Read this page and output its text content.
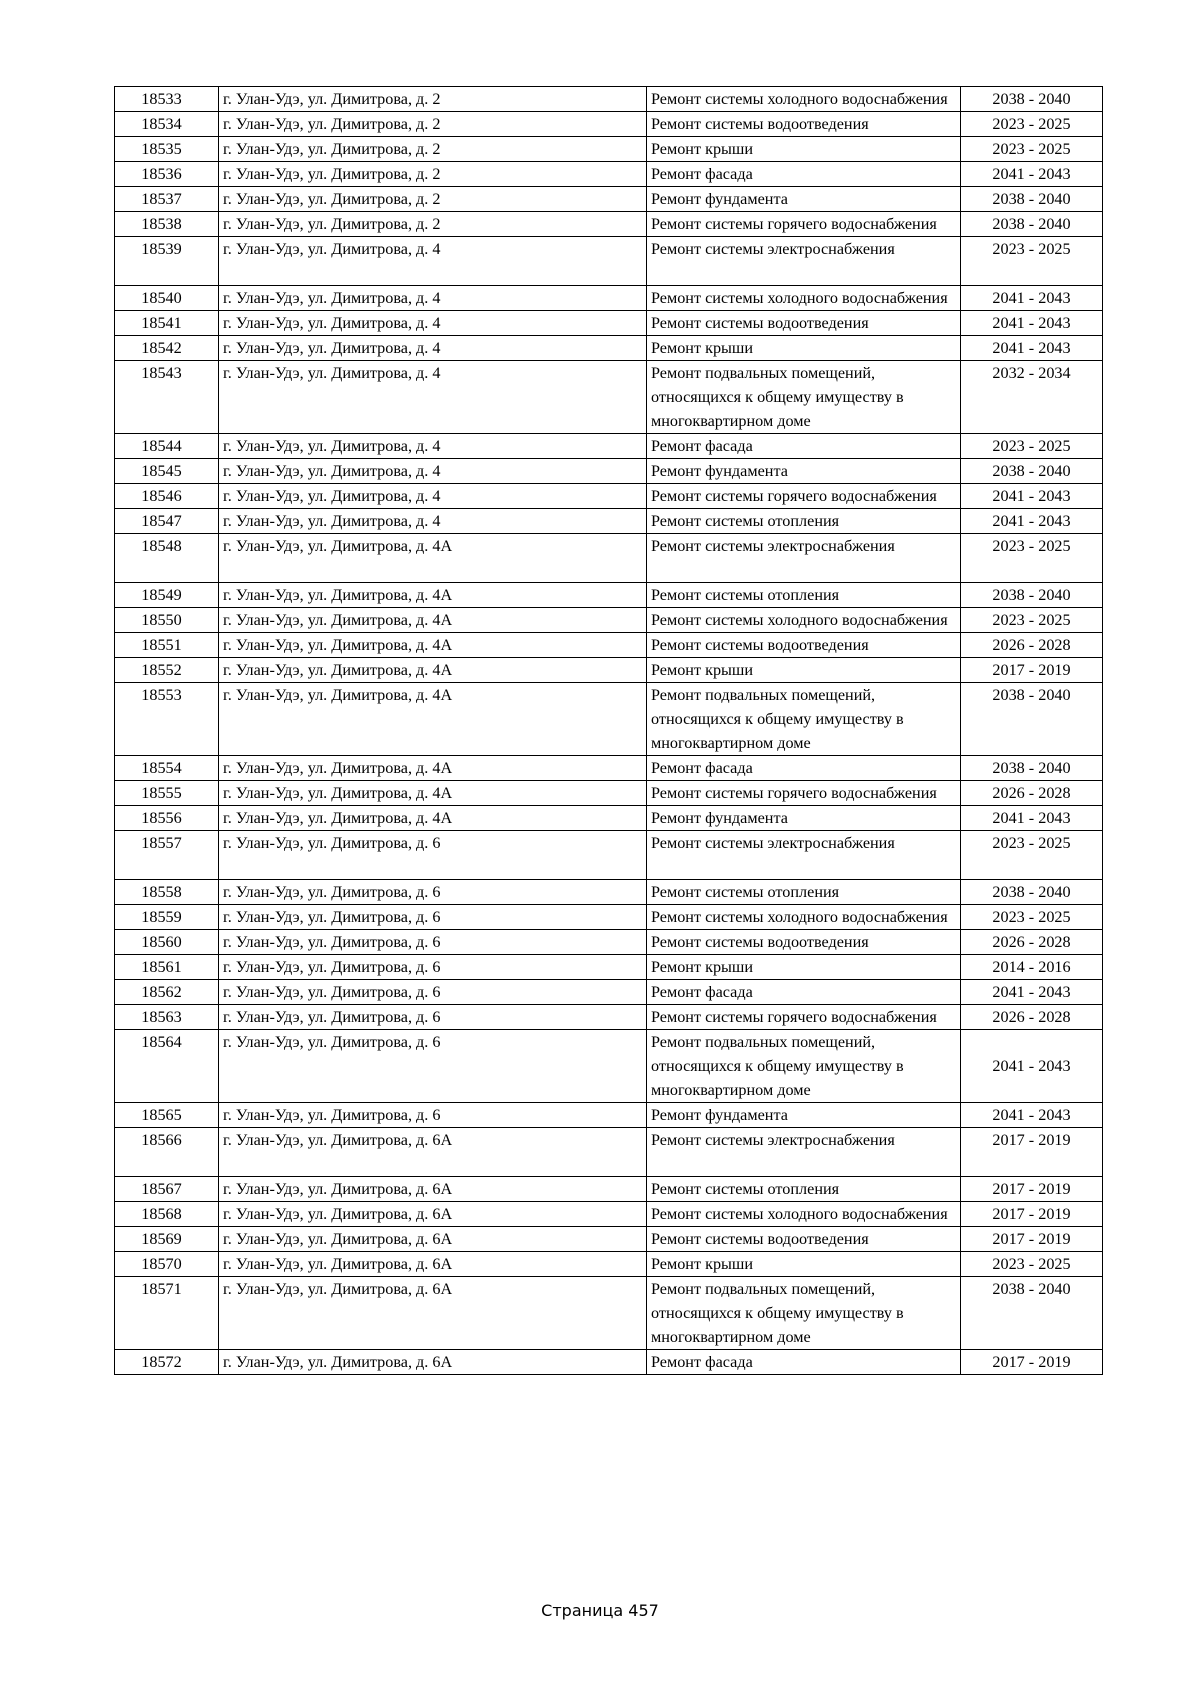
18533	г. Улан-Удэ, ул. Димитрова, д. 2	Ремонт системы холодного водоснабжения	2038 - 2040
18534	г. Улан-Удэ, ул. Димитрова, д. 2	Ремонт системы водоотведения	2023 - 2025
18535	г. Улан-Удэ, ул. Димитрова, д. 2	Ремонт крыши	2023 - 2025
18536	г. Улан-Удэ, ул. Димитрова, д. 2	Ремонт фасада	2041 - 2043
18537	г. Улан-Удэ, ул. Димитрова, д. 2	Ремонт фундамента	2038 - 2040
18538	г. Улан-Удэ, ул. Димитрова, д. 2	Ремонт системы горячего водоснабжения	2038 - 2040
18539	г. Улан-Удэ, ул. Димитрова, д. 4	Ремонт системы электроснабжения	2023 - 2025
18540	г. Улан-Удэ, ул. Димитрова, д. 4	Ремонт системы холодного водоснабжения	2041 - 2043
18541	г. Улан-Удэ, ул. Димитрова, д. 4	Ремонт системы водоотведения	2041 - 2043
18542	г. Улан-Удэ, ул. Димитрова, д. 4	Ремонт крыши	2041 - 2043
18543	г. Улан-Удэ, ул. Димитрова, д. 4	Ремонт подвальных помещений, относящихся к общему имуществу в многоквартирном доме	2032 - 2034
18544	г. Улан-Удэ, ул. Димитрова, д. 4	Ремонт фасада	2023 - 2025
18545	г. Улан-Удэ, ул. Димитрова, д. 4	Ремонт фундамента	2038 - 2040
18546	г. Улан-Удэ, ул. Димитрова, д. 4	Ремонт системы горячего водоснабжения	2041 - 2043
18547	г. Улан-Удэ, ул. Димитрова, д. 4	Ремонт системы отопления	2041 - 2043
18548	г. Улан-Удэ, ул. Димитрова, д. 4А	Ремонт системы электроснабжения	2023 - 2025
18549	г. Улан-Удэ, ул. Димитрова, д. 4А	Ремонт системы отопления	2038 - 2040
18550	г. Улан-Удэ, ул. Димитрова, д. 4А	Ремонт системы холодного водоснабжения	2023 - 2025
18551	г. Улан-Удэ, ул. Димитрова, д. 4А	Ремонт системы водоотведения	2026 - 2028
18552	г. Улан-Удэ, ул. Димитрова, д. 4А	Ремонт крыши	2017 - 2019
18553	г. Улан-Удэ, ул. Димитрова, д. 4А	Ремонт подвальных помещений, относящихся к общему имуществу в многоквартирном доме	2038 - 2040
18554	г. Улан-Удэ, ул. Димитрова, д. 4А	Ремонт фасада	2038 - 2040
18555	г. Улан-Удэ, ул. Димитрова, д. 4А	Ремонт системы горячего водоснабжения	2026 - 2028
18556	г. Улан-Удэ, ул. Димитрова, д. 4А	Ремонт фундамента	2041 - 2043
18557	г. Улан-Удэ, ул. Димитрова, д. 6	Ремонт системы электроснабжения	2023 - 2025
18558	г. Улан-Удэ, ул. Димитрова, д. 6	Ремонт системы отопления	2038 - 2040
18559	г. Улан-Удэ, ул. Димитрова, д. 6	Ремонт системы холодного водоснабжения	2023 - 2025
18560	г. Улан-Удэ, ул. Димитрова, д. 6	Ремонт системы водоотведения	2026 - 2028
18561	г. Улан-Удэ, ул. Димитрова, д. 6	Ремонт крыши	2014 - 2016
18562	г. Улан-Удэ, ул. Димитрова, д. 6	Ремонт фасада	2041 - 2043
18563	г. Улан-Удэ, ул. Димитрова, д. 6	Ремонт системы горячего водоснабжения	2026 - 2028
18564	г. Улан-Удэ, ул. Димитрова, д. 6	Ремонт подвальных помещений, относящихся к общему имуществу в многоквартирном доме	2041 - 2043
18565	г. Улан-Удэ, ул. Димитрова, д. 6	Ремонт фундамента	2041 - 2043
18566	г. Улан-Удэ, ул. Димитрова, д. 6А	Ремонт системы электроснабжения	2017 - 2019
18567	г. Улан-Удэ, ул. Димитрова, д. 6А	Ремонт системы отопления	2017 - 2019
18568	г. Улан-Удэ, ул. Димитрова, д. 6А	Ремонт системы холодного водоснабжения	2017 - 2019
18569	г. Улан-Удэ, ул. Димитрова, д. 6А	Ремонт системы водоотведения	2017 - 2019
18570	г. Улан-Удэ, ул. Димитрова, д. 6А	Ремонт крыши	2023 - 2025
18571	г. Улан-Удэ, ул. Димитрова, д. 6А	Ремонт подвальных помещений, относящихся к общему имуществу в многоквартирном доме	2038 - 2040
18572	г. Улан-Удэ, ул. Димитрова, д. 6А	Ремонт фасада	2017 - 2019
Страница 457
